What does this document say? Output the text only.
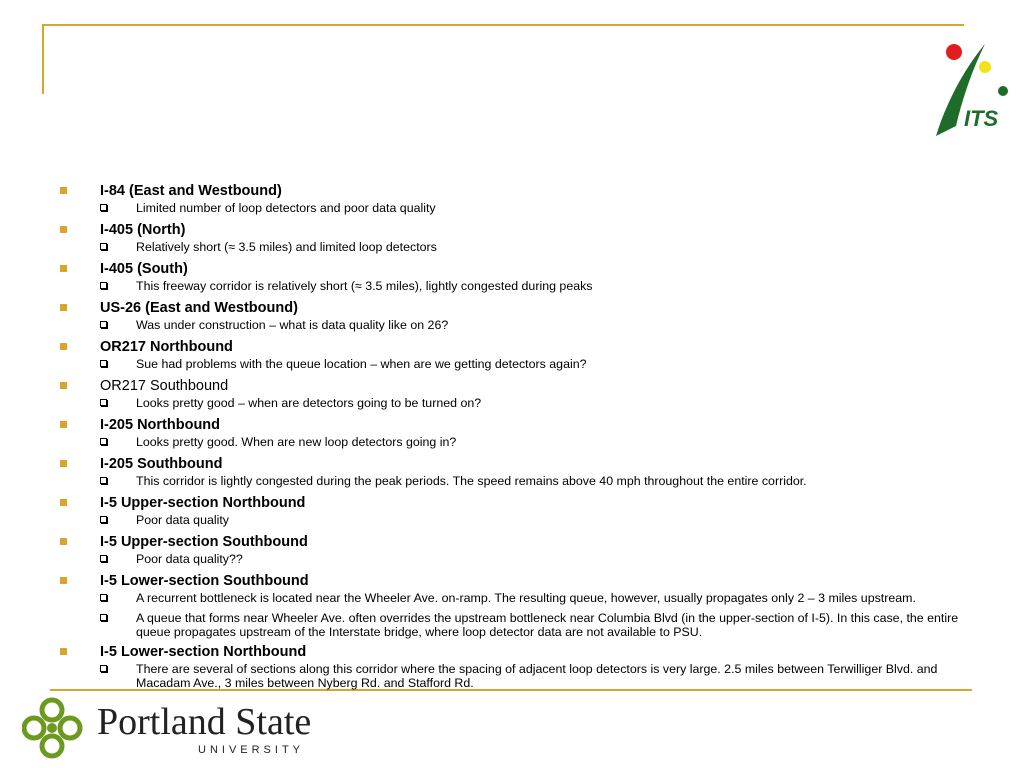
ITS
Portland State
UNIVERSITY
I-84 (East and Westbound)
Limited number of loop detectors and poor data quality
I-405 (North)
Relatively short (≈ 3.5 miles) and limited loop detectors
I-405 (South)
This freeway corridor is relatively short (≈ 3.5 miles), lightly congested during peaks
US-26 (East and Westbound)
Was under construction – what is data quality like on 26?
OR217 Northbound
Sue had problems with the queue location – when are we getting detectors again?
OR217 Southbound
Looks pretty good – when are detectors going to be turned on?
I-205 Northbound
Looks pretty good. When are new loop detectors going in?
I-205 Southbound
This corridor is lightly congested during the peak periods. The speed remains above 40 mph throughout the entire corridor.
I-5 Upper-section Northbound
Poor data quality
I-5 Upper-section Southbound
Poor data quality??
I-5 Lower-section Southbound
A recurrent bottleneck is located near the Wheeler Ave. on-ramp. The resulting queue, however, usually propagates only 2 – 3 miles upstream.
A queue that forms near Wheeler Ave. often overrides the upstream bottleneck near Columbia Blvd (in the upper-section of I-5). In this case, the entire queue propagates upstream of the Interstate bridge, where loop detector data are not available to PSU.
I-5 Lower-section Northbound
There are several of sections along this corridor where the spacing of adjacent loop detectors is very large. 2.5 miles between Terwilliger Blvd. and Macadam Ave., 3 miles between Nyberg Rd. and Stafford Rd.
